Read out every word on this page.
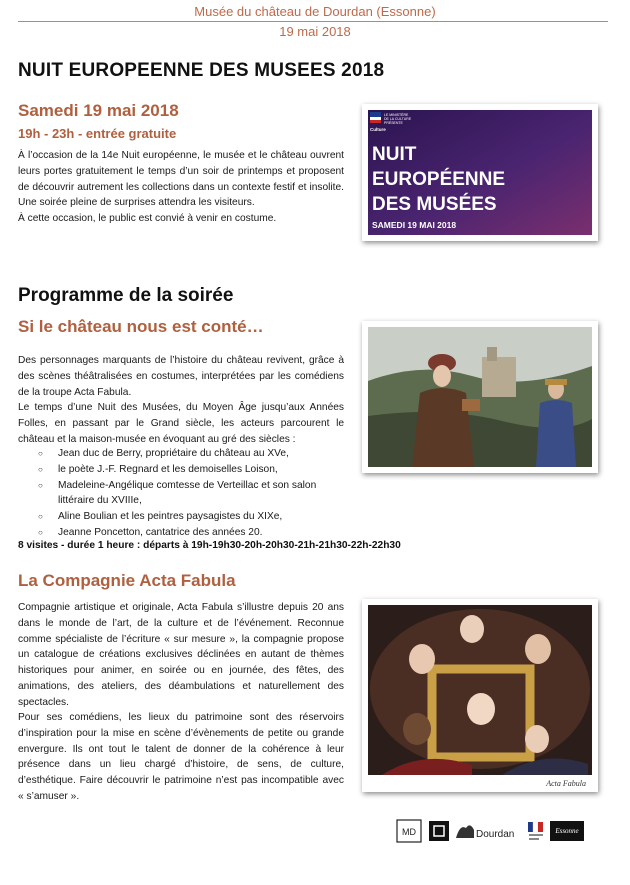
Musée du château de Dourdan (Essonne)
19 mai 2018
NUIT EUROPEENNE DES MUSEES 2018
Samedi 19 mai 2018
19h - 23h - entrée gratuite

À l’occasion de la 14e Nuit européenne, le musée et le château ouvrent leurs portes gratuitement le temps d’un soir de printemps et proposent de découvrir autrement les collections dans un contexte festif et insolite. Une soirée pleine de surprises attendra les visiteurs.

À cette occasion, le public est convié à venir en costume.

LE MINISTÈRE
DE LA CULTURE
PRÉSENTE
Culture
NUIT
EUROPÉENNE
DES MUSÉES
SAMEDI 19 MAI 2018
Programme de la soirée
Si le château nous est conté…

Des personnages marquants de l’histoire du château revivent, grâce à des scènes théâtralisées en costumes, interprétées par les comédiens de la troupe Acta Fabula.

Le temps d’une Nuit des Musées, du Moyen Âge jusqu’aux Années Folles, en passant par le Grand siècle, les acteurs parcourent le château et la maison-musée en évoquant au gré des siècles :

○ Jean duc de Berry, propriétaire du château au XVe,
○ le poète J.-F. Regnard et les demoiselles Loison,
○ Madeleine-Angélique comtesse de Verteillac et son salon littéraire du XVIIIe,
○ Aline Boulian et les peintres paysagistes du XIXe,
○ Jeanne Poncetton, cantatrice des années 20.
8 visites - durée 1 heure : départs à 19h-19h30-20h-20h30-21h-21h30-22h-22h30
La Compagnie Acta Fabula
Compagnie artistique et originale, Acta Fabula s’illustre depuis 20 ans dans le monde de l’art, de la culture et de l’événement. Reconnue comme spécialiste de l’écriture « sur mesure », la compagnie propose un catalogue de créations exclusives déclinées en autant de thèmes historiques pour animer, en soirée ou en journée, des fêtes, des animations, des ateliers, des déambulations et naturellement des spectacles.
Pour ses comédiens, les lieux du patrimoine sont des réservoirs d’inspiration pour la mise en scène d’évènements de petite ou grande envergure. Ils ont tout le talent de donner de la cohérence à leur présence dans un lieu chargé d’histoire, de sens, de culture, d’esthétique. Faire découvrir le patrimoine n’est pas incompatible avec « s’amuser ».
Acta Fabula
MD	Dourdan	Essonne
